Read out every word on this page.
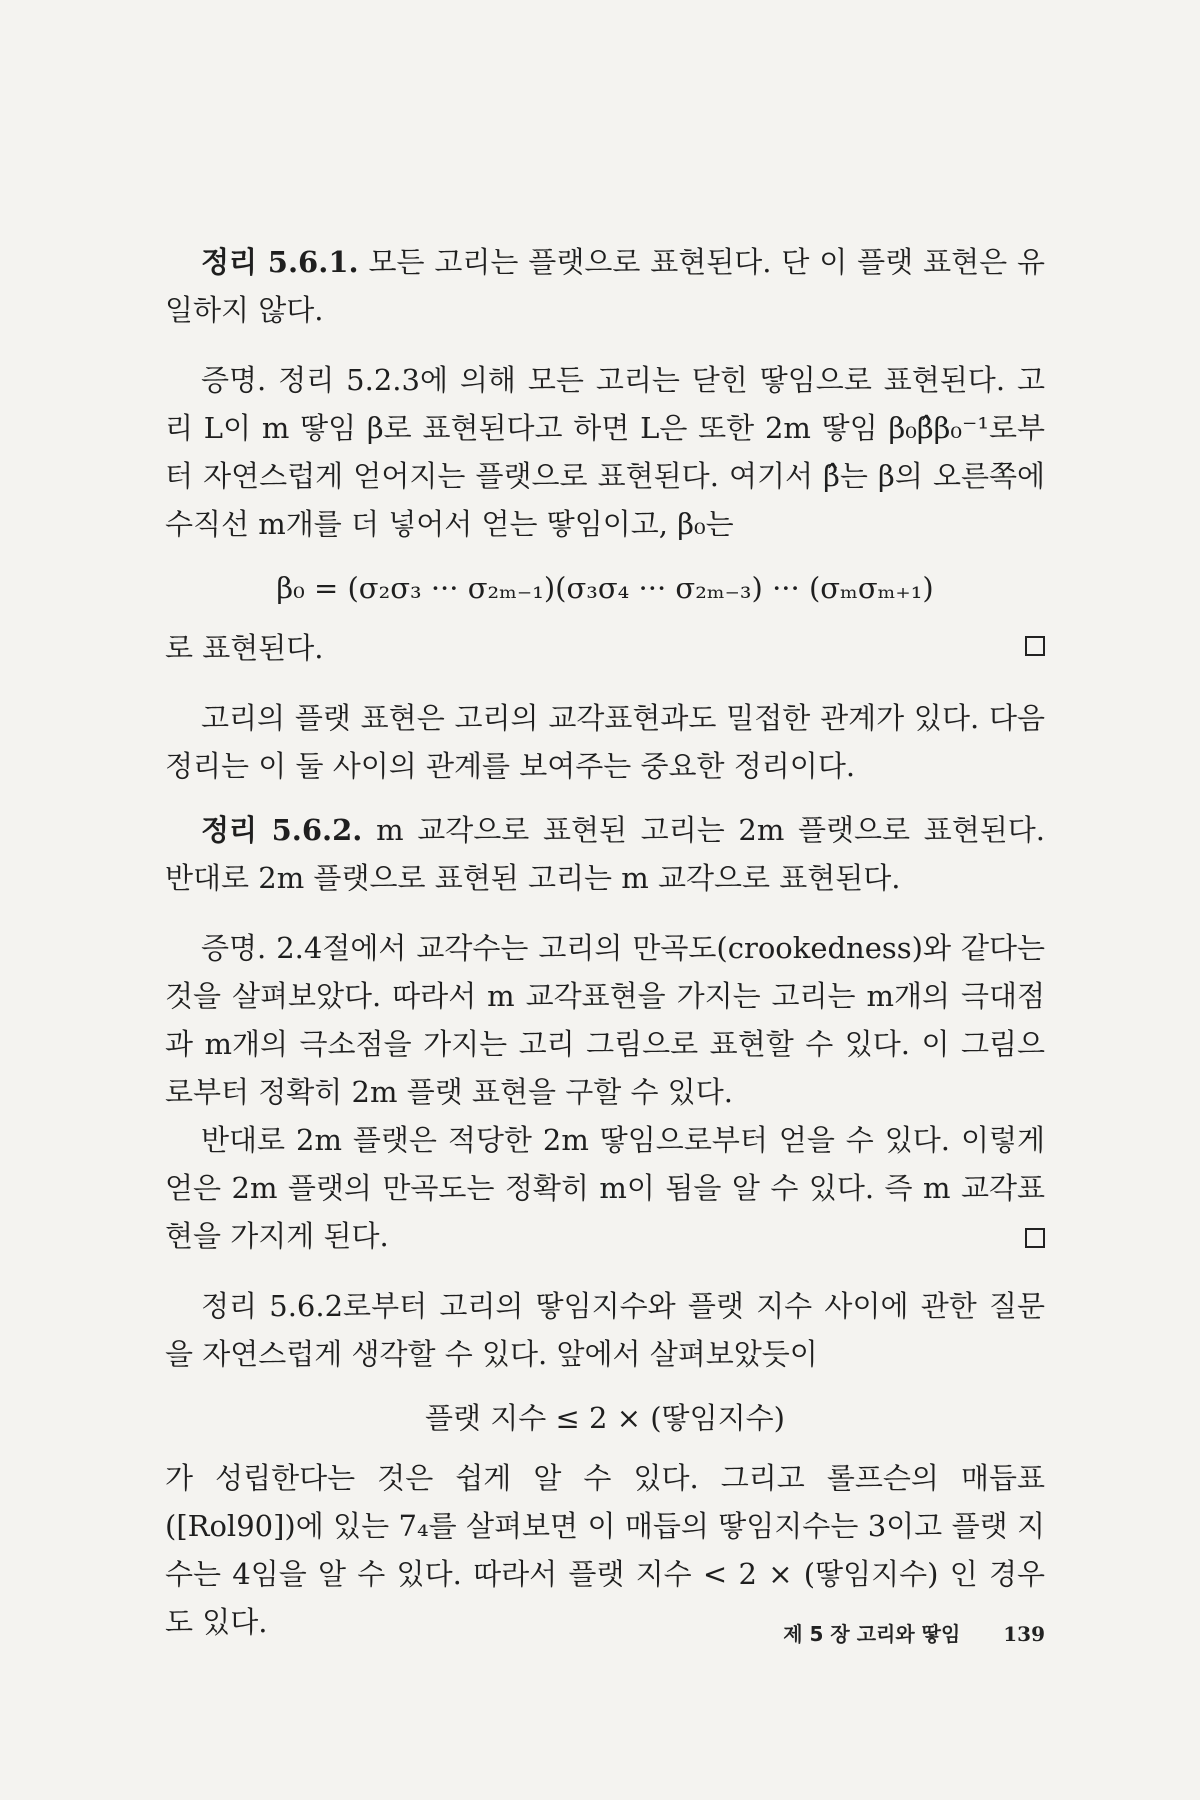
정리 5.6.1. 모든 고리는 플랫으로 표현된다. 단 이 플랫 표현은 유일하지 않다.

증명. 정리 5.2.3에 의해 모든 고리는 닫힌 땋임으로 표현된다. 고리 L이 m 땋임 β로 표현된다고 하면 L은 또한 2m 땋임 β₀β̂β₀⁻¹로부터 자연스럽게 얻어지는 플랫으로 표현된다. 여기서 β̂는 β의 오른쪽에 수직선 m개를 더 넣어서 얻는 땋임이고, β₀는

β₀ = (σ₂σ₃ ··· σ₂ₘ₋₁)(σ₃σ₄ ··· σ₂ₘ₋₃) ··· (σₘσₘ₊₁)

로 표현된다.

고리의 플랫 표현은 고리의 교각표현과도 밀접한 관계가 있다. 다음 정리는 이 둘 사이의 관계를 보여주는 중요한 정리이다.

정리 5.6.2. m 교각으로 표현된 고리는 2m 플랫으로 표현된다. 반대로 2m 플랫으로 표현된 고리는 m 교각으로 표현된다.

증명. 2.4절에서 교각수는 고리의 만곡도(crookedness)와 같다는 것을 살펴보았다. 따라서 m 교각표현을 가지는 고리는 m개의 극대점과 m개의 극소점을 가지는 고리 그림으로 표현할 수 있다. 이 그림으로부터 정확히 2m 플랫 표현을 구할 수 있다.

반대로 2m 플랫은 적당한 2m 땋임으로부터 얻을 수 있다. 이렇게 얻은 2m 플랫의 만곡도는 정확히 m이 됨을 알 수 있다. 즉 m 교각표현을 가지게 된다.

정리 5.6.2로부터 고리의 땋임지수와 플랫 지수 사이에 관한 질문을 자연스럽게 생각할 수 있다. 앞에서 살펴보았듯이

플랫 지수 ≤ 2 × (땋임지수)

가 성립한다는 것은 쉽게 알 수 있다. 그리고 롤프슨의 매듭표([Rol90])에 있는 7₄를 살펴보면 이 매듭의 땋임지수는 3이고 플랫 지수는 4임을 알 수 있다. 따라서 플랫 지수 < 2 × (땋임지수) 인 경우도 있다.	제 5 장 고리와 땋임 139
